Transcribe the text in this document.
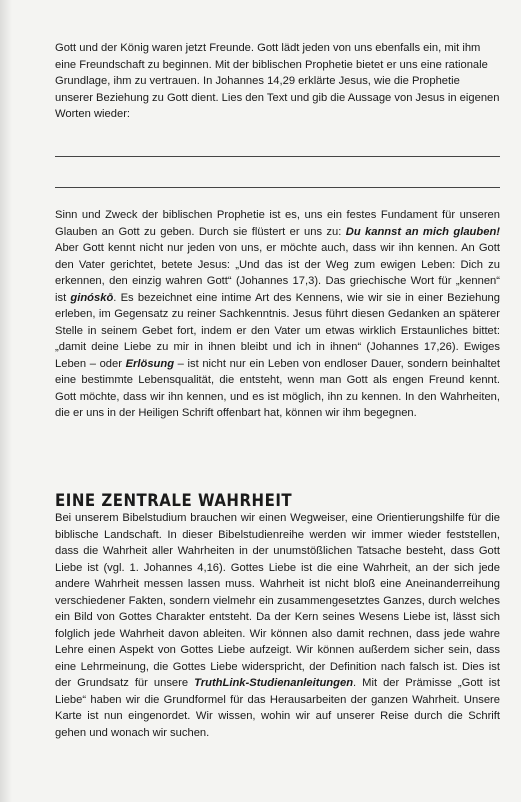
Gott und der König waren jetzt Freunde. Gott lädt jeden von uns ebenfalls ein, mit ihm eine Freundschaft zu beginnen. Mit der biblischen Prophetie bietet er uns eine rationale Grundlage, ihm zu vertrauen. In Johannes 14,29 erklärte Jesus, wie die Prophetie unserer Beziehung zu Gott dient. Lies den Text und gib die Aussage von Jesus in eigenen Worten wieder:

Sinn und Zweck der biblischen Prophetie ist es, uns ein festes Fundament für unseren Glauben an Gott zu geben. Durch sie flüstert er uns zu: Du kannst an mich glauben! Aber Gott kennt nicht nur jeden von uns, er möchte auch, dass wir ihn kennen. An Gott den Vater gerichtet, betete Jesus: „Und das ist der Weg zum ewigen Leben: Dich zu erkennen, den einzig wahren Gott“ (Johannes 17,3). Das griechische Wort für „kennen“ ist ginóskō. Es bezeichnet eine intime Art des Kennens, wie wir sie in einer Beziehung erleben, im Gegensatz zu reiner Sachkenntnis. Jesus führt diesen Gedanken an späterer Stelle in seinem Gebet fort, indem er den Vater um etwas wirklich Erstaunliches bittet: „damit deine Liebe zu mir in ihnen bleibt und ich in ihnen“ (Johannes 17,26). Ewiges Leben – oder Erlösung – ist nicht nur ein Leben von endloser Dauer, sondern beinhaltet eine bestimmte Lebensqualität, die entsteht, wenn man Gott als engen Freund kennt. Gott möchte, dass wir ihn kennen, und es ist möglich, ihn zu kennen. In den Wahrheiten, die er uns in der Heiligen Schrift offenbart hat, können wir ihm begegnen.

EINE ZENTRALE WAHRHEIT

Bei unserem Bibelstudium brauchen wir einen Wegweiser, eine Orientierungshilfe für die biblische Landschaft. In dieser Bibelstudienreihe werden wir immer wieder feststellen, dass die Wahrheit aller Wahrheiten in der unumstößlichen Tatsache besteht, dass Gott Liebe ist (vgl. 1. Johannes 4,16). Gottes Liebe ist die eine Wahrheit, an der sich jede andere Wahrheit messen lassen muss. Wahrheit ist nicht bloß eine Aneinanderreihung verschiedener Fakten, sondern vielmehr ein zusammengesetztes Ganzes, durch welches ein Bild von Gottes Charakter entsteht. Da der Kern seines Wesens Liebe ist, lässt sich folglich jede Wahrheit davon ableiten. Wir können also damit rechnen, dass jede wahre Lehre einen Aspekt von Gottes Liebe aufzeigt. Wir können außerdem sicher sein, dass eine Lehrmeinung, die Gottes Liebe widerspricht, der Definition nach falsch ist. Dies ist der Grundsatz für unsere TruthLink-Studienanleitungen. Mit der Prämisse „Gott ist Liebe“ haben wir die Grundformel für das Herausarbeiten der ganzen Wahrheit. Unsere Karte ist nun eingenordet. Wir wissen, wohin wir auf unserer Reise durch die Schrift gehen und wonach wir suchen.
